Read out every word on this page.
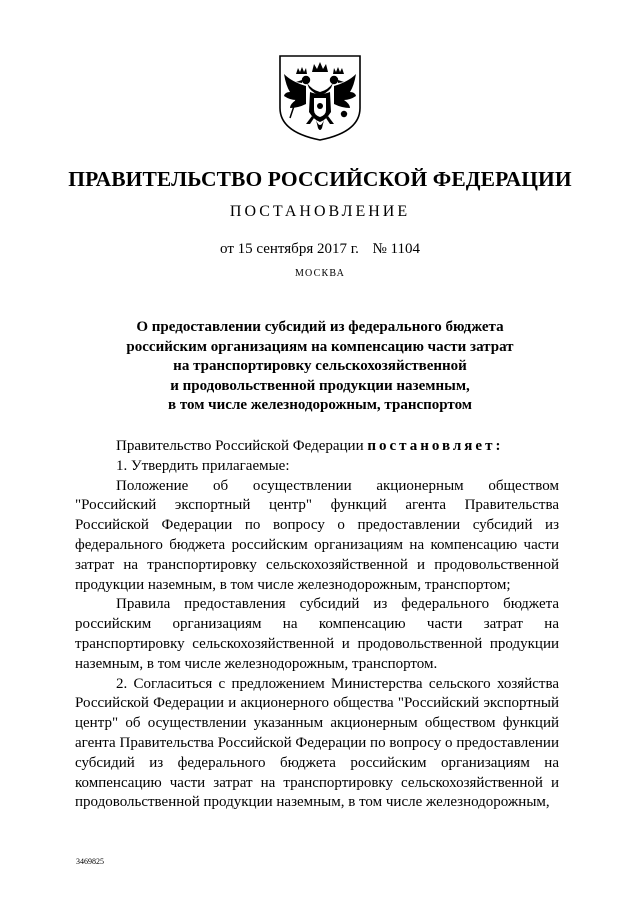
ПРАВИТЕЛЬСТВО РОССИЙСКОЙ ФЕДЕРАЦИИ
ПОСТАНОВЛЕНИЕ
от 15 сентября 2017 г. № 1104
МОСКВА
О предоставлении субсидий из федерального бюджета
российским организациям на компенсацию части затрат
на транспортировку сельскохозяйственной
и продовольственной продукции наземным,
в том числе железнодорожным, транспортом

Правительство Российской Федерации постановляет:

1. Утвердить прилагаемые:

Положение об осуществлении акционерным обществом "Российский экспортный центр" функций агента Правительства Российской Федерации по вопросу о предоставлении субсидий из федерального бюджета российским организациям на компенсацию части затрат на транспортировку сельскохозяйственной и продовольственной продукции наземным, в том числе железнодорожным, транспортом;

Правила предоставления субсидий из федерального бюджета российским организациям на компенсацию части затрат на транспортировку сельскохозяйственной и продовольственной продукции наземным, в том числе железнодорожным, транспортом.

2. Согласиться с предложением Министерства сельского хозяйства Российской Федерации и акционерного общества "Российский экспортный центр" об осуществлении указанным акционерным обществом функций агента Правительства Российской Федерации по вопросу о предоставлении субсидий из федерального бюджета российским организациям на компенсацию части затрат на транспортировку сельскохозяйственной и продовольственной продукции наземным, в том числе железнодорожным,

3469825
